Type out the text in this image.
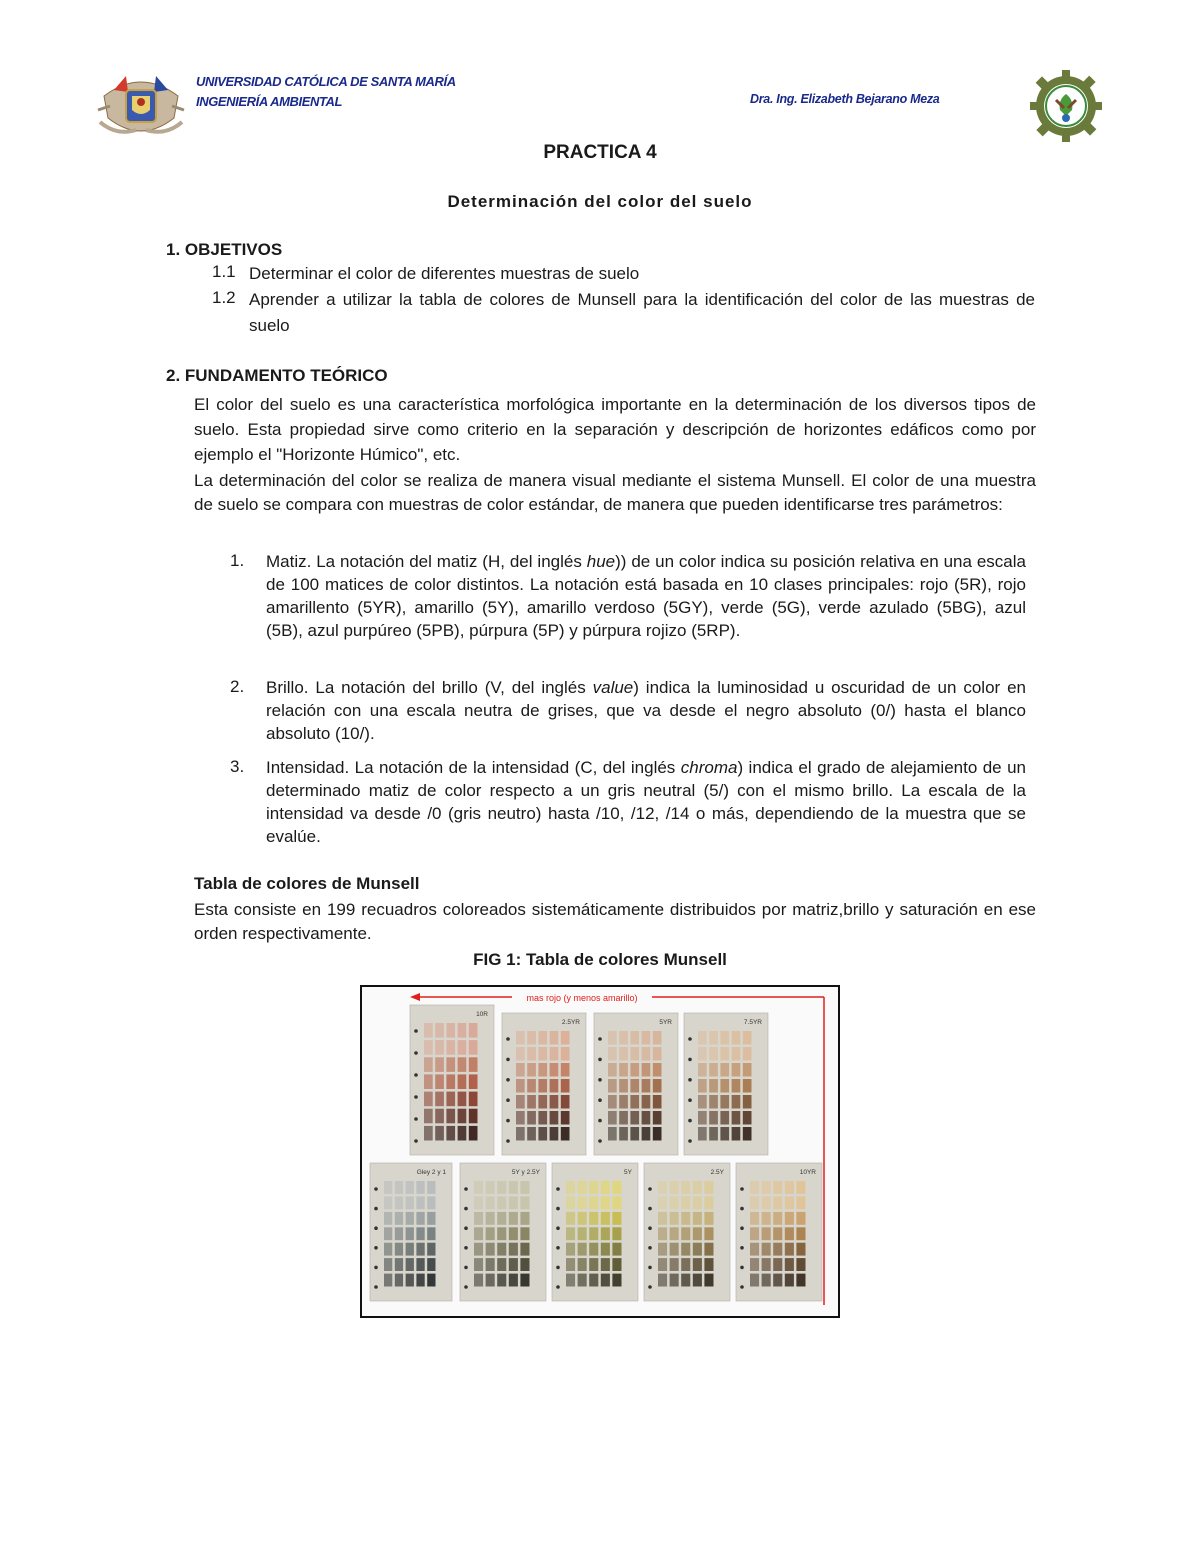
UNIVERSIDAD CATÓLICA DE SANTA MARÍA
INGENIERÍA AMBIENTAL	Dra. Ing. Elizabeth Bejarano Meza
PRACTICA 4
Determinación del color del suelo
1. OBJETIVOS
1.1 Determinar el color de diferentes muestras de suelo
1.2 Aprender a utilizar la tabla de colores de Munsell para la identificación del color de las muestras de suelo
2. FUNDAMENTO TEÓRICO
El color del suelo es una característica morfológica importante en la determinación de los diversos tipos de suelo. Esta propiedad sirve como criterio en la separación y descripción de horizontes edáficos como por ejemplo el "Horizonte Húmico", etc.
La determinación del color se realiza de manera visual mediante el sistema Munsell. El color de una muestra de suelo se compara con muestras de color estándar, de manera que pueden identificarse tres parámetros:
1. Matiz. La notación del matiz (H, del inglés hue)) de un color indica su posición relativa en una escala de 100 matices de color distintos. La notación está basada en 10 clases principales: rojo (5R), rojo amarillento (5YR), amarillo (5Y), amarillo verdoso (5GY), verde (5G), verde azulado (5BG), azul (5B), azul purpúreo (5PB), púrpura (5P) y púrpura rojizo (5RP).
2. Brillo. La notación del brillo (V, del inglés value) indica la luminosidad u oscuridad de un color en relación con una escala neutra de grises, que va desde el negro absoluto (0/) hasta el blanco absoluto (10/).
3. Intensidad. La notación de la intensidad (C, del inglés chroma) indica el grado de alejamiento de un determinado matiz de color respecto a un gris neutral (5/) con el mismo brillo. La escala de la intensidad va desde /0 (gris neutro) hasta /10, /12, /14 o más, dependiendo de la muestra que se evalúe.
Tabla de colores de Munsell
Esta consiste en 199 recuadros coloreados sistemáticamente distribuidos por matriz,brillo y saturación en ese orden respectivamente.
FIG 1: Tabla de colores Munsell
mas rojo (y menos amarillo)
10R
2.5YR	5YR	7.5YR
Gley 2 y 1	5Y y 2.5Y	5Y	2.5Y	10YR
